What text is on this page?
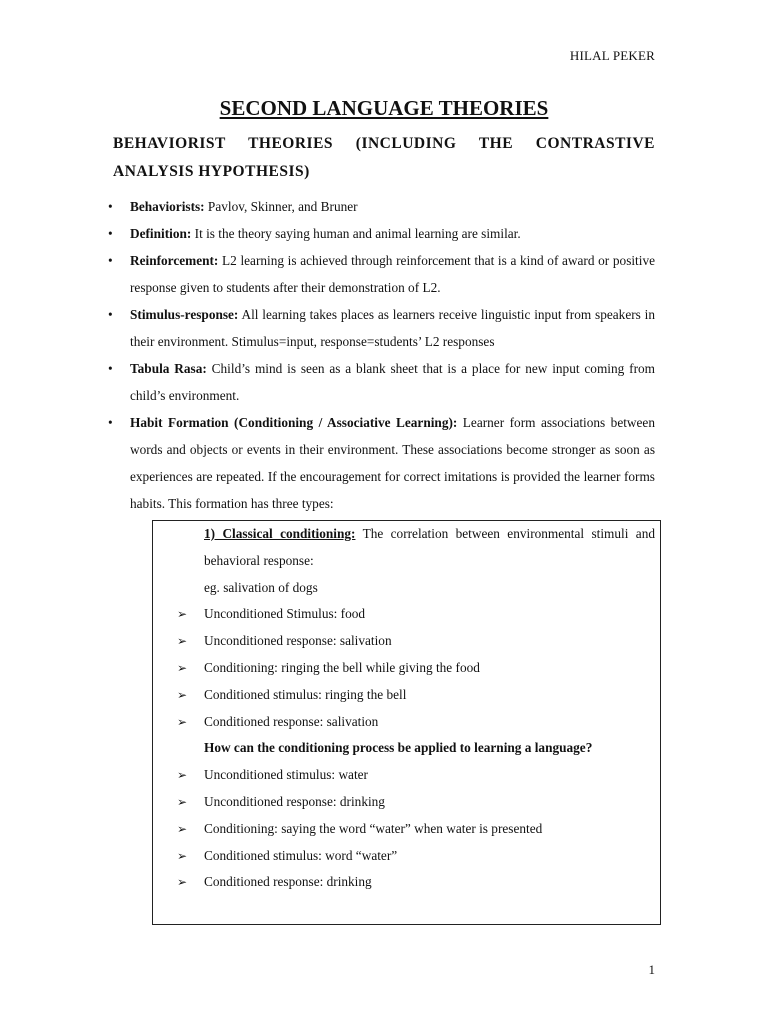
HILAL PEKER
SECOND LANGUAGE THEORIES
BEHAVIORIST THEORIES (INCLUDING THE CONTRASTIVE
ANALYSIS HYPOTHESIS)
• Behaviorists: Pavlov, Skinner, and Bruner
• Definition: It is the theory saying human and animal learning are similar.
• Reinforcement: L2 learning is achieved through reinforcement that is a kind of award or positive response given to students after their demonstration of L2.
• Stimulus-response: All learning takes places as learners receive linguistic input from speakers in their environment. Stimulus=input, response=students’ L2 responses
• Tabula Rasa: Child’s mind is seen as a blank sheet that is a place for new input coming from child’s environment.
• Habit Formation (Conditioning / Associative Learning): Learner form associations between words and objects or events in their environment. These associations become stronger as soon as experiences are repeated. If the encouragement for correct imitations is provided the learner forms habits. This formation has three types:
1) Classical conditioning: The correlation between environmental stimuli and behavioral response:
eg. salivation of dogs
➢ Unconditioned Stimulus: food
➢ Unconditioned response: salivation
➢ Conditioning: ringing the bell while giving the food
➢ Conditioned stimulus: ringing the bell
➢ Conditioned response: salivation
How can the conditioning process be applied to learning a language?
➢ Unconditioned stimulus: water
➢ Unconditioned response: drinking
➢ Conditioning: saying the word “water” when water is presented
➢ Conditioned stimulus: word “water”
➢ Conditioned response: drinking
1
